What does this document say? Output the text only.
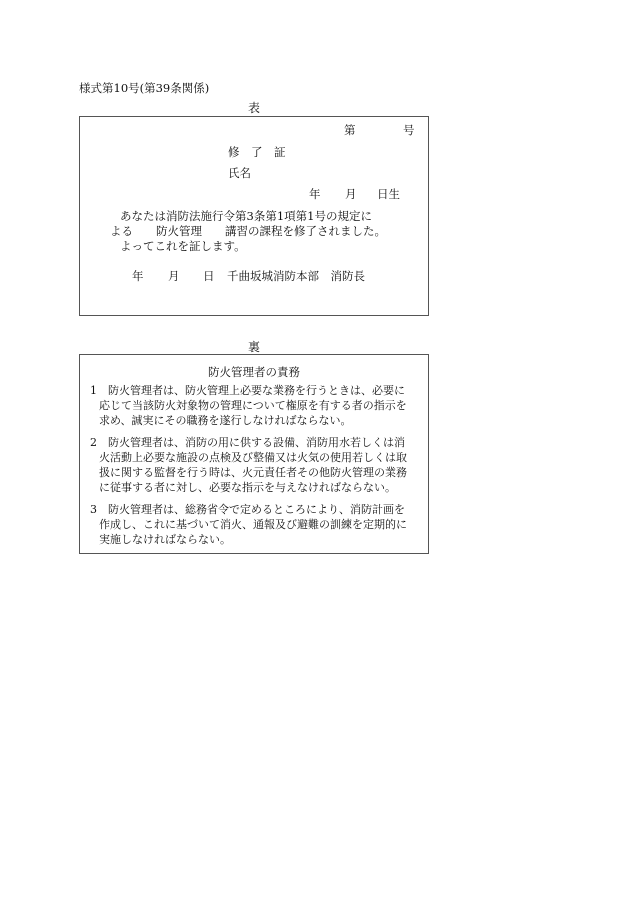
様式第10号(第39条関係)
表
第	号
修　了　証
氏名
年 月 日生
あなたは消防法施行令第3条第1項第1号の規定に
よる　　防火管理　　講習の課程を修了されました。
よってこれを証します。
年 月 日 千曲坂城消防本部　消防長
裏
防火管理者の責務
1　防火管理者は、防火管理上必要な業務を行うときは、必要に
応じて当該防火対象物の管理について権原を有する者の指示を
求め、誠実にその職務を遂行しなければならない。
2　防火管理者は、消防の用に供する設備、消防用水若しくは消
火活動上必要な施設の点検及び整備又は火気の使用若しくは取
扱に関する監督を行う時は、火元責任者その他防火管理の業務
に従事する者に対し、必要な指示を与えなければならない。
3　防火管理者は、総務省令で定めるところにより、消防計画を
作成し、これに基づいて消火、通報及び避難の訓練を定期的に
実施しなければならない。
